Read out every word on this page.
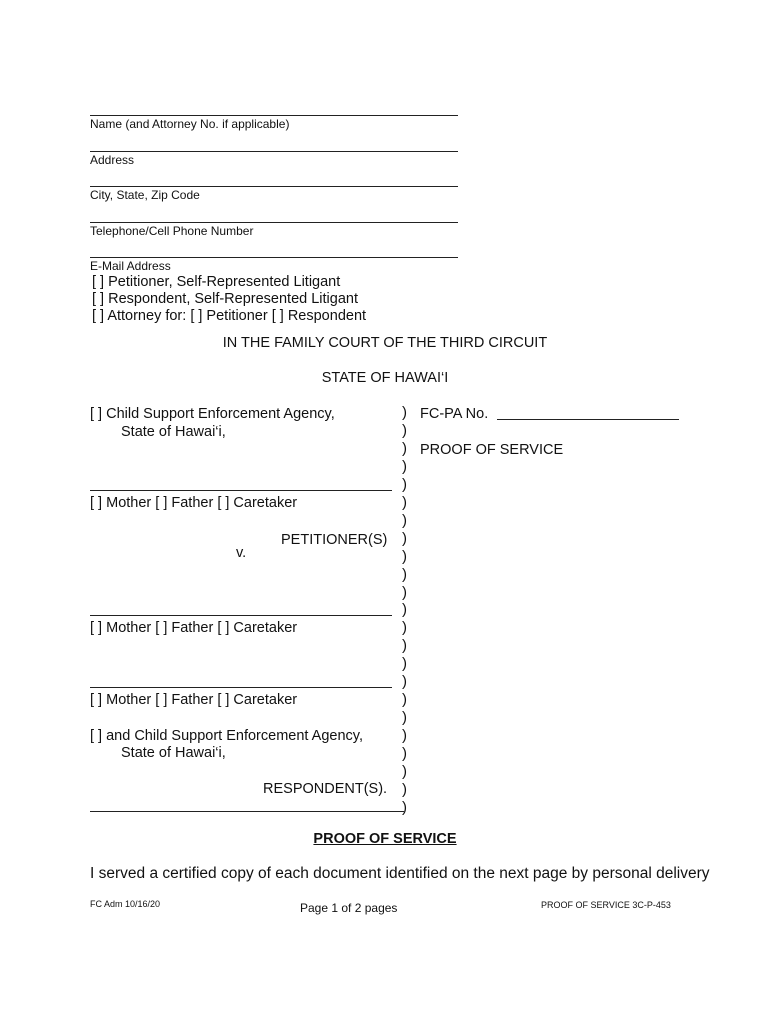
Name (and Attorney No. if applicable)
Address
City, State, Zip Code
Telephone/Cell Phone Number
E-Mail Address
[ ] Petitioner, Self-Represented Litigant
[ ] Respondent, Self-Represented Litigant
[ ] Attorney for: [ ] Petitioner [ ] Respondent
IN THE FAMILY COURT OF THE THIRD CIRCUIT
STATE OF HAWAI‘I
[ ] Child Support Enforcement Agency,
State of Hawai‘i,
[ ] Mother [ ] Father [ ] Caretaker
PETITIONER(S)
v.
[ ] Mother [ ] Father [ ] Caretaker
[ ] Mother [ ] Father [ ] Caretaker
[ ] and Child Support Enforcement Agency,
State of Hawai‘i,
RESPONDENT(S).
)
)
)
)
)
)
)
)
)
)
)
)
)
)
)
)
)
)
)
)
)
)
)
FC-PA No.
PROOF OF SERVICE
PROOF OF SERVICE
I served a certified copy of each document identified on the next page by personal delivery
FC Adm 10/16/20	Page 1 of 2 pages	PROOF OF SERVICE 3C-P-453
